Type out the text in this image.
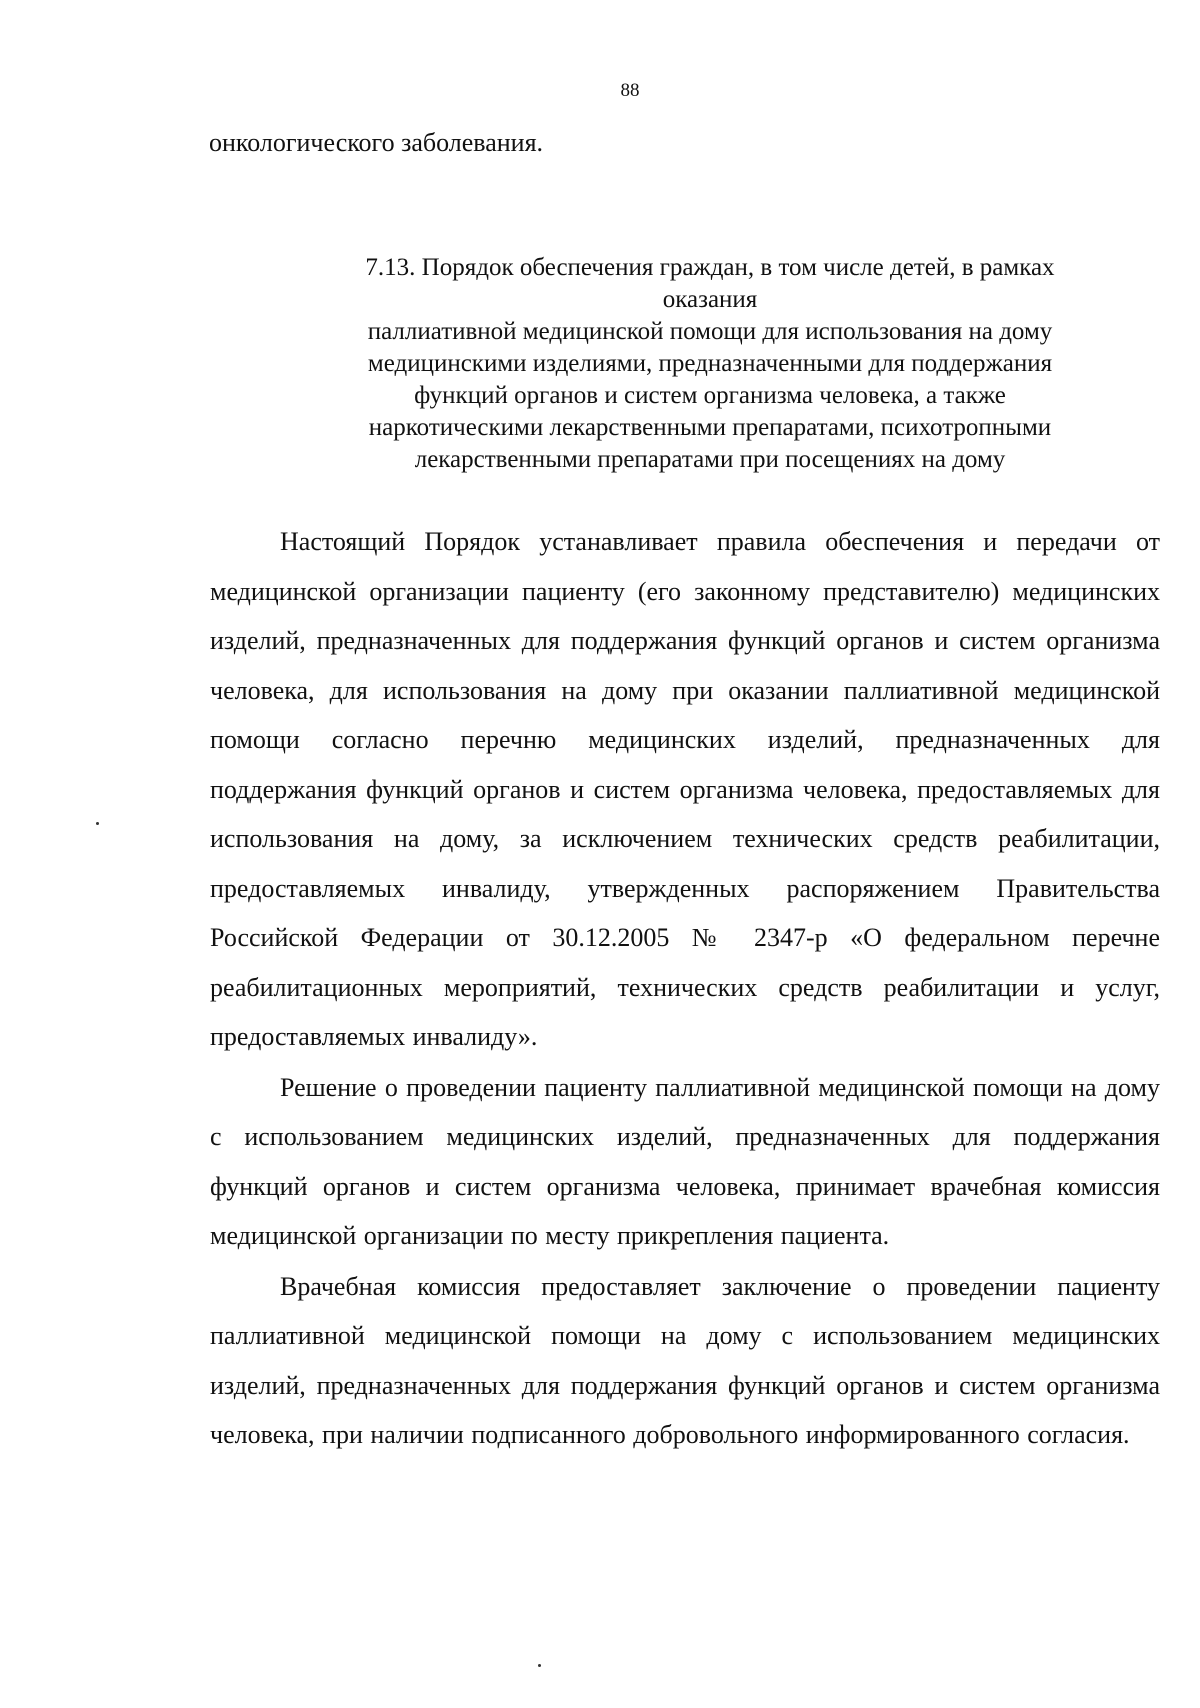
88
онкологического заболевания.
7.13. Порядок обеспечения граждан, в том числе детей, в рамках
оказания
паллиативной медицинской помощи для использования на дому
медицинскими изделиями, предназначенными для поддержания
функций органов и систем организма человека, а также
наркотическими лекарственными препаратами, психотропными
лекарственными препаратами при посещениях на дому

Настоящий Порядок устанавливает правила обеспечения и передачи от медицинской организации пациенту (его законному представителю) медицинских изделий, предназначенных для поддержания функций органов и систем организма человека, для использования на дому при оказании паллиативной медицинской помощи согласно перечню медицинских изделий, предназначенных для поддержания функций органов и систем организма человека, предоставляемых для использования на дому, за исключением технических средств реабилитации, предоставляемых инвалиду, утвержденных распоряжением Правительства Российской Федерации от 30.12.2005 № 2347-р «О федеральном перечне реабилитационных мероприятий, технических средств реабилитации и услуг, предоставляемых инвалиду».

Решение о проведении пациенту паллиативной медицинской помощи на дому с использованием медицинских изделий, предназначенных для поддержания функций органов и систем организма человека, принимает врачебная комиссия медицинской организации по месту прикрепления пациента.

Врачебная комиссия предоставляет заключение о проведении пациенту паллиативной медицинской помощи на дому с использованием медицинских изделий, предназначенных для поддержания функций органов и систем организма человека, при наличии подписанного добровольного информированного согласия.
